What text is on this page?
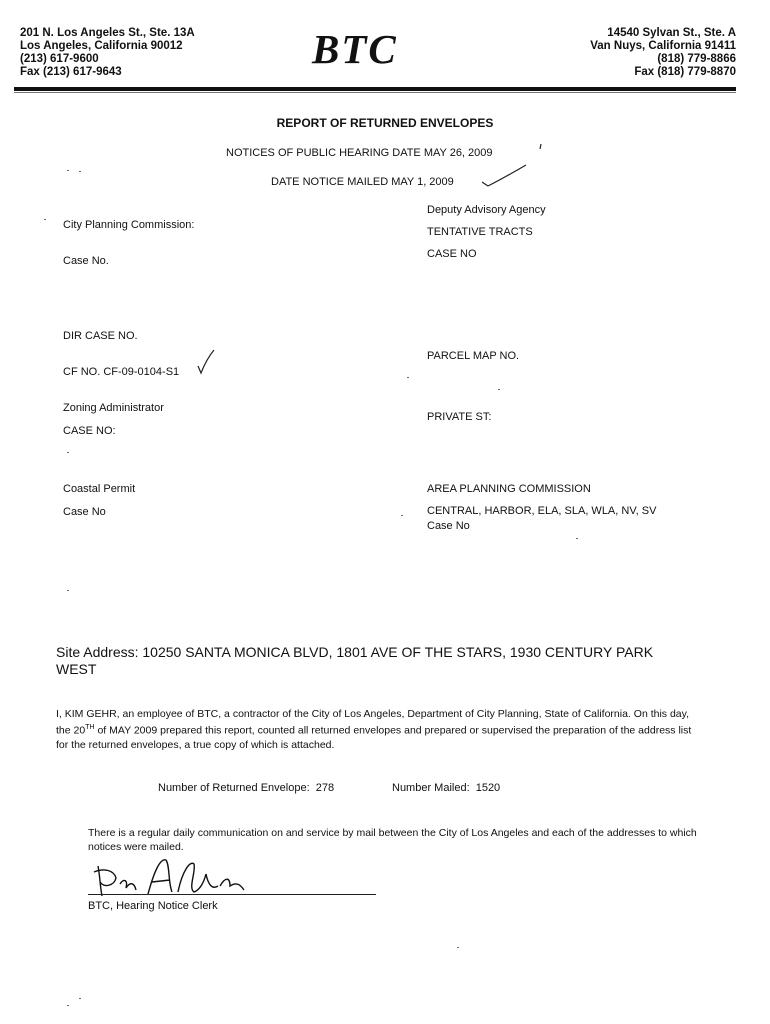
201 N. Los Angeles St., Ste. 13A
Los Angeles, California 90012
(213) 617-9600
Fax (213) 617-9643	BTC	14540 Sylvan St., Ste. A
Van Nuys, California 91411
(818) 779-8866
Fax (818) 779-8870
REPORT OF RETURNED ENVELOPES
NOTICES OF PUBLIC HEARING DATE MAY 26, 2009
DATE NOTICE MAILED MAY 1, 2009
City Planning Commission:
Case No.
DIR CASE NO.
CF NO. CF-09-0104-S1
Zoning Administrator
CASE NO:
Coastal Permit
Case No
Deputy Advisory Agency
TENTATIVE TRACTS
CASE NO
PARCEL MAP NO.
PRIVATE ST:
AREA PLANNING COMMISSION
CENTRAL, HARBOR, ELA, SLA, WLA, NV, SV
Case No
Site Address: 10250 SANTA MONICA BLVD, 1801 AVE OF THE STARS, 1930 CENTURY PARK WEST
I, KIM GEHR, an employee of BTC, a contractor of the City of Los Angeles, Department of City Planning, State of California. On this day, the 20TH of MAY 2009 prepared this report, counted all returned envelopes and prepared or supervised the preparation of the address list for the returned envelopes, a true copy of which is attached.
Number of Returned Envelope: 278	Number Mailed: 1520
There is a regular daily communication on and service by mail between the City of Los Angeles and each of the addresses to which notices were mailed.
BTC, Hearing Notice Clerk
